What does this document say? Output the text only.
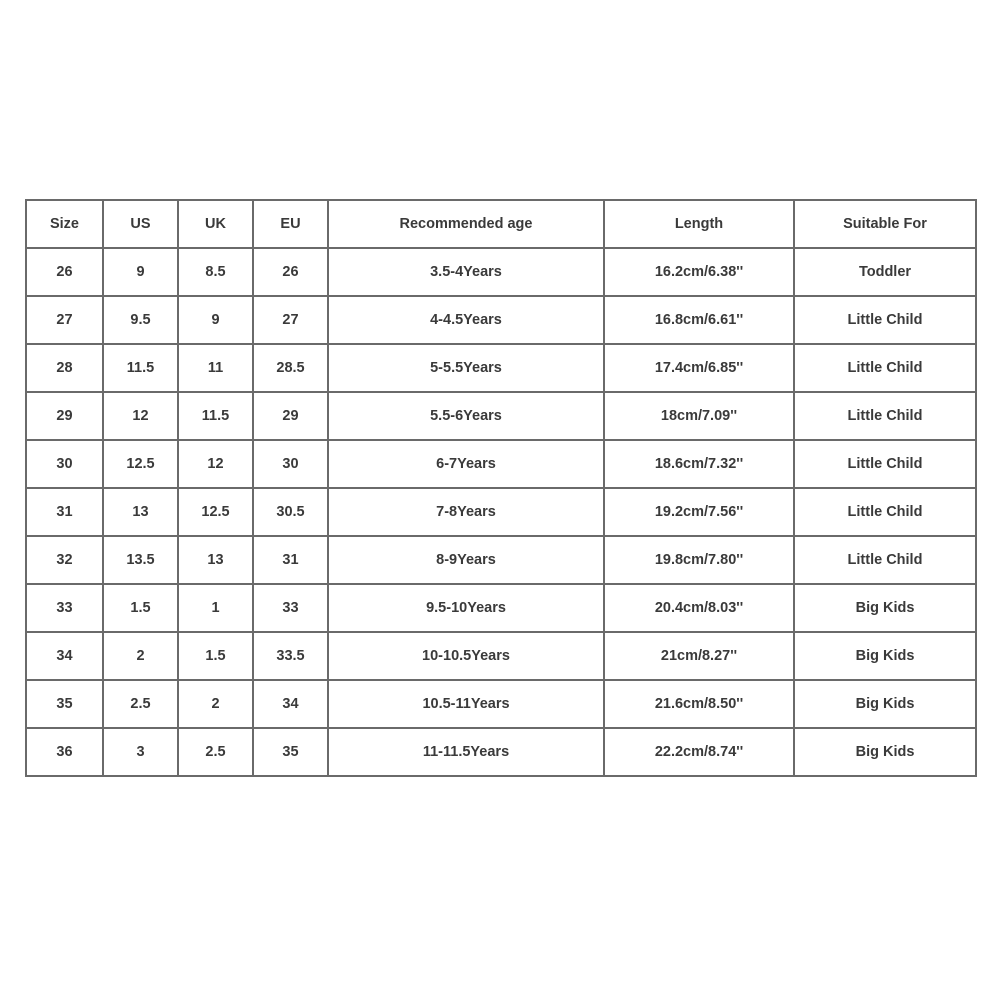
Size	US	UK	EU	Recommended age	Length	Suitable For
26	9	8.5	26	3.5-4Years	16.2cm/6.38''	Toddler
27	9.5	9	27	4-4.5Years	16.8cm/6.61''	Little Child
28	11.5	11	28.5	5-5.5Years	17.4cm/6.85''	Little Child
29	12	11.5	29	5.5-6Years	18cm/7.09''	Little Child
30	12.5	12	30	6-7Years	18.6cm/7.32''	Little Child
31	13	12.5	30.5	7-8Years	19.2cm/7.56''	Little Child
32	13.5	13	31	8-9Years	19.8cm/7.80''	Little Child
33	1.5	1	33	9.5-10Years	20.4cm/8.03''	Big Kids
34	2	1.5	33.5	10-10.5Years	21cm/8.27''	Big Kids
35	2.5	2	34	10.5-11Years	21.6cm/8.50''	Big Kids
36	3	2.5	35	11-11.5Years	22.2cm/8.74''	Big Kids
